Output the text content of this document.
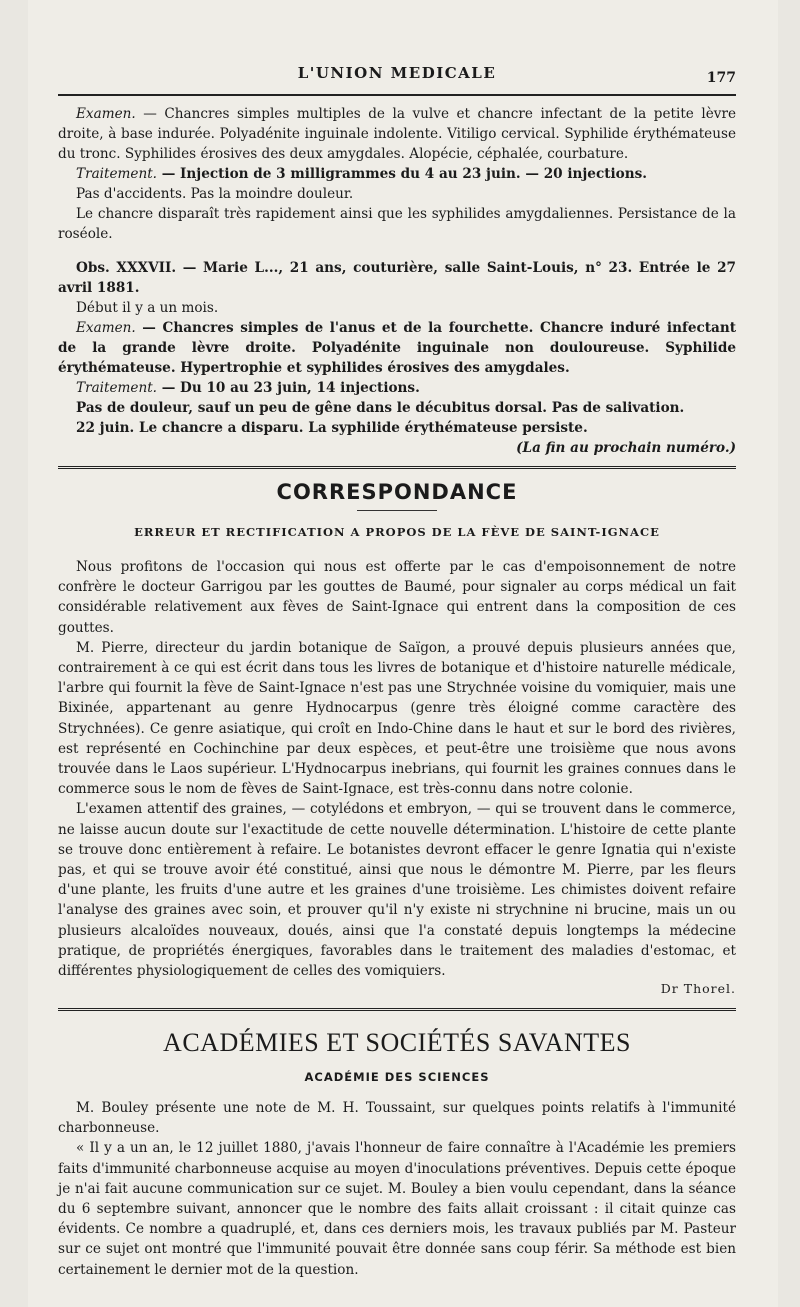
L'UNION MEDICALE	177

Examen. — Chancres simples multiples de la vulve et chancre infectant de la petite lèvre droite, à base indurée. Polyadénite inguinale indolente. Vitiligo cervical. Syphilide érythémateuse du tronc. Syphilides érosives des deux amygdales. Alopécie, céphalée, courbature.

Traitement. — Injection de 3 milligrammes du 4 au 23 juin. — 20 injections.

Pas d'accidents. Pas la moindre douleur.

Le chancre disparaît très rapidement ainsi que les syphilides amygdaliennes. Persistance de la roséole.

Obs. XXXVII. — Marie L..., 21 ans, couturière, salle Saint-Louis, n° 23. Entrée le 27 avril 1881.

Début il y a un mois.

Examen. — Chancres simples de l'anus et de la fourchette. Chancre induré infectant de la grande lèvre droite. Polyadénite inguinale non douloureuse. Syphilide érythémateuse. Hypertrophie et syphilides érosives des amygdales.

Traitement. — Du 10 au 23 juin, 14 injections.

Pas de douleur, sauf un peu de gêne dans le décubitus dorsal. Pas de salivation.

22 juin. Le chancre a disparu. La syphilide érythémateuse persiste.

(La fin au prochain numéro.)

CORRESPONDANCE
ERREUR ET RECTIFICATION A PROPOS DE LA FÈVE DE SAINT-IGNACE

Nous profitons de l'occasion qui nous est offerte par le cas d'empoisonnement de notre confrère le docteur Garrigou par les gouttes de Baumé, pour signaler au corps médical un fait considérable relativement aux fèves de Saint-Ignace qui entrent dans la composition de ces gouttes.

M. Pierre, directeur du jardin botanique de Saïgon, a prouvé depuis plusieurs années que, contrairement à ce qui est écrit dans tous les livres de botanique et d'histoire naturelle médicale, l'arbre qui fournit la fève de Saint-Ignace n'est pas une Strychnée voisine du vomiquier, mais une Bixinée, appartenant au genre Hydnocarpus (genre très éloigné comme caractère des Strychnées). Ce genre asiatique, qui croît en Indo-Chine dans le haut et sur le bord des rivières, est représenté en Cochinchine par deux espèces, et peut-être une troisième que nous avons trouvée dans le Laos supérieur. L'Hydnocarpus inebrians, qui fournit les graines connues dans le commerce sous le nom de fèves de Saint-Ignace, est très-connu dans notre colonie.

L'examen attentif des graines, — cotylédons et embryon, — qui se trouvent dans le commerce, ne laisse aucun doute sur l'exactitude de cette nouvelle détermination. L'histoire de cette plante se trouve donc entièrement à refaire. Le botanistes devront effacer le genre Ignatia qui n'existe pas, et qui se trouve avoir été constitué, ainsi que nous le démontre M. Pierre, par les fleurs d'une plante, les fruits d'une autre et les graines d'une troisième. Les chimistes doivent refaire l'analyse des graines avec soin, et prouver qu'il n'y existe ni strychnine ni brucine, mais un ou plusieurs alcaloïdes nouveaux, doués, ainsi que l'a constaté depuis longtemps la médecine pratique, de propriétés énergiques, favorables dans le traitement des maladies d'estomac, et différentes physiologiquement de celles des vomiquiers.

Dr Thorel.
ACADÉMIES ET SOCIÉTÉS SAVANTES
ACADÉMIE DES SCIENCES

M. Bouley présente une note de M. H. Toussaint, sur quelques points relatifs à l'immunité charbonneuse.

« Il y a un an, le 12 juillet 1880, j'avais l'honneur de faire connaître à l'Académie les premiers faits d'immunité charbonneuse acquise au moyen d'inoculations préventives. Depuis cette époque je n'ai fait aucune communication sur ce sujet. M. Bouley a bien voulu cependant, dans la séance du 6 septembre suivant, annoncer que le nombre des faits allait croissant : il citait quinze cas évidents. Ce nombre a quadruplé, et, dans ces derniers mois, les travaux publiés par M. Pasteur sur ce sujet ont montré que l'immunité pouvait être donnée sans coup férir. Sa méthode est bien certainement le dernier mot de la question.
